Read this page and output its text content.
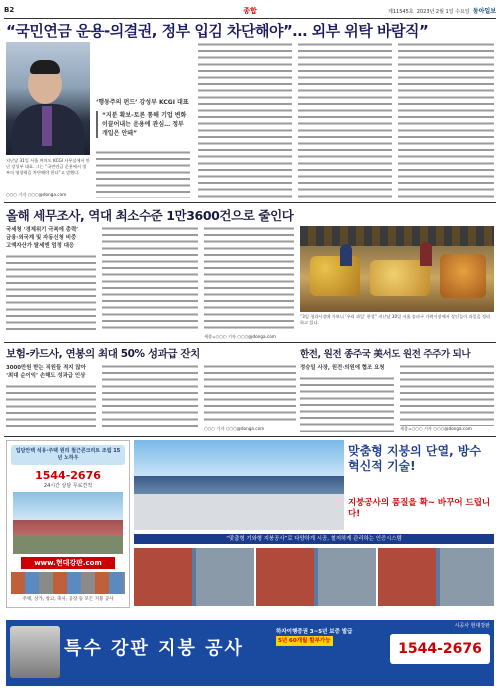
B2	종합	제11545호 2023년 2월 1일 수요일 동아일보
“국민연금 운용-의결권, 정부 입김 차단해야”… 외부 위탁 바람직”
지난달 31일 서울 여의도 KCGI 사무실에서 만난 강성부 대표. 그는 “국민연금 운용에서 정부의 영향력을 차단해야 한다”고 말했다.
○○○ 기자 ○○○@donga.com

‘행동주의 펀드’ 강성부 KCGI 대표

“지분 확보-토론 통해 기업 변화 이끌어내는 운용에 관심… 정부 개입은 안돼”

올해 세무조사, 역대 최소수준 1만3600건으로 줄인다
국세청 ‘경제위기 극복에 총력’
금융·외국계 및 자동신청 비중
고액자산가 탈세엔 엄정 대응
“3일 청과시장에 가보니 ‘우리 과일’ 한창” 지난달 30일 서울 송파구 가락시장에서 상인들이 과일을 정리하고 있다.
세종=○○○ 기자 ○○○@donga.com
보험-카드사, 연봉의 최대 50% 성과급 잔치
3000만원 받는 직원들 적지 않아
‘최대 순이익’ 손해도 성과급 인상
○○○ 기자 ○○○@donga.com
한전, 원전 종주국 美서도 원전 주주가 되나
정승일 사장, 원전·의원에 협조 요청
세종=○○○ 기자 ○○○@donga.com
입담안텍 석유·주택 원리 철근콘크리트 조립 15년 노하우
1544-2676
24시간 상담 무료견적
www.현대강판.com
주택, 상가, 창고, 축사, 공장 등 모든 지붕 공사
맞춤형 지붕의 단열, 방수 혁신적 기술!
지붕공사의 품질을 확~ 바꾸어 드립니다!
“맞춤형 기와형 지붕공사”로 다양하게 시공, 철저하게 관리하는 인증시스템
특수 강판 지붕 공사
하자이행증권 3~5년 보증 발급
5년 60개월 할부가능
시공사 현대강판
1544-2676
